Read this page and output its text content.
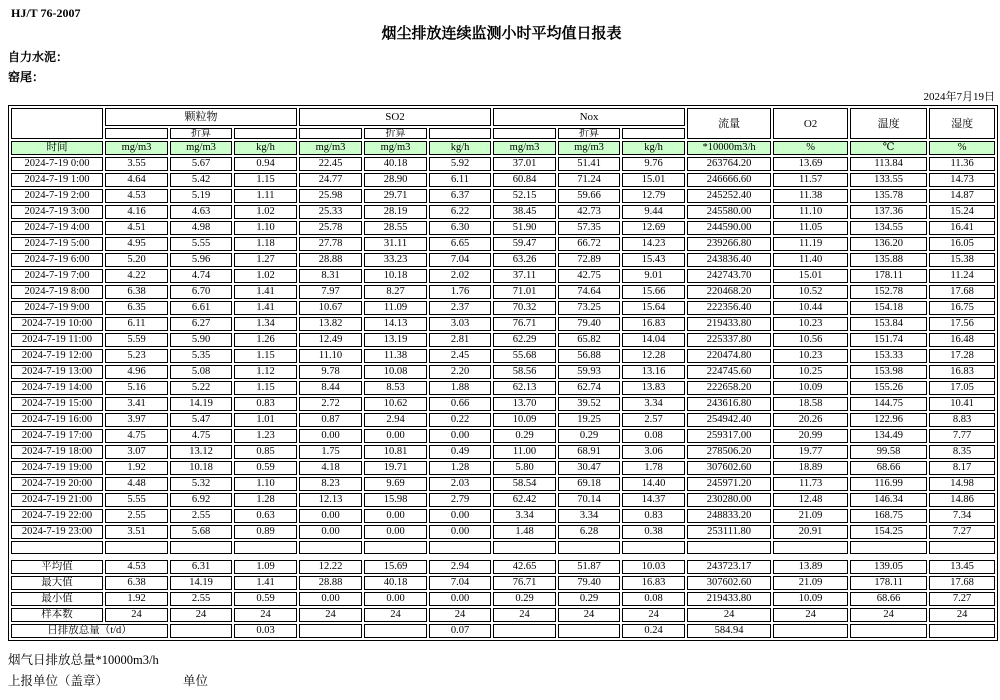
HJ/T 76-2007
烟尘排放连续监测小时平均值日报表
自力水泥：
窑尾：
2024年7月19日
	颗粒物			SO2			Nox			流量	O2	温度	湿度
		折算			折算			折算					
时间	mg/m3	mg/m3	kg/h	mg/m3	mg/m3	kg/h	mg/m3	mg/m3	kg/h	*10000m3/h	%	℃	%
2024-7-19 0:00	3.55	5.67	0.94	22.45	40.18	5.92	37.01	51.41	9.76	263764.20	13.69	113.84	11.36
2024-7-19 1:00	4.64	5.42	1.15	24.77	28.90	6.11	60.84	71.24	15.01	246666.60	11.57	133.55	14.73
2024-7-19 2:00	4.53	5.19	1.11	25.98	29.71	6.37	52.15	59.66	12.79	245252.40	11.38	135.78	14.87
2024-7-19 3:00	4.16	4.63	1.02	25.33	28.19	6.22	38.45	42.73	9.44	245580.00	11.10	137.36	15.24
2024-7-19 4:00	4.51	4.98	1.10	25.78	28.55	6.30	51.90	57.35	12.69	244590.00	11.05	134.55	16.41
2024-7-19 5:00	4.95	5.55	1.18	27.78	31.11	6.65	59.47	66.72	14.23	239266.80	11.19	136.20	16.05
2024-7-19 6:00	5.20	5.96	1.27	28.88	33.23	7.04	63.26	72.89	15.43	243836.40	11.40	135.88	15.38
2024-7-19 7:00	4.22	4.74	1.02	8.31	10.18	2.02	37.11	42.75	9.01	242743.70	15.01	178.11	11.24
2024-7-19 8:00	6.38	6.70	1.41	7.97	8.27	1.76	71.01	74.64	15.66	220468.20	10.52	152.78	17.68
2024-7-19 9:00	6.35	6.61	1.41	10.67	11.09	2.37	70.32	73.25	15.64	222356.40	10.44	154.18	16.75
2024-7-19 10:00	6.11	6.27	1.34	13.82	14.13	3.03	76.71	79.40	16.83	219433.80	10.23	153.84	17.56
2024-7-19 11:00	5.59	5.90	1.26	12.49	13.19	2.81	62.29	65.82	14.04	225337.80	10.56	151.74	16.48
2024-7-19 12:00	5.23	5.35	1.15	11.10	11.38	2.45	55.68	56.88	12.28	220474.80	10.23	153.33	17.28
2024-7-19 13:00	4.96	5.08	1.12	9.78	10.08	2.20	58.56	59.93	13.16	224745.60	10.25	153.98	16.83
2024-7-19 14:00	5.16	5.22	1.15	8.44	8.53	1.88	62.13	62.74	13.83	222658.20	10.09	155.26	17.05
2024-7-19 15:00	3.41	14.19	0.83	2.72	10.62	0.66	13.70	39.52	3.34	243616.80	18.58	144.75	10.41
2024-7-19 16:00	3.97	5.47	1.01	0.87	2.94	0.22	10.09	19.25	2.57	254942.40	20.26	122.96	8.83
2024-7-19 17:00	4.75	4.75	1.23	0.00	0.00	0.00	0.29	0.29	0.08	259317.00	20.99	134.49	7.77
2024-7-19 18:00	3.07	13.12	0.85	1.75	10.81	0.49	11.00	68.91	3.06	278506.20	19.77	99.58	8.35
2024-7-19 19:00	1.92	10.18	0.59	4.18	19.71	1.28	5.80	30.47	1.78	307602.60	18.89	68.66	8.17
2024-7-19 20:00	4.48	5.32	1.10	8.23	9.69	2.03	58.54	69.18	14.40	245971.20	11.73	116.99	14.98
2024-7-19 21:00	5.55	6.92	1.28	12.13	15.98	2.79	62.42	70.14	14.37	230280.00	12.48	146.34	14.86
2024-7-19 22:00	2.55	2.55	0.63	0.00	0.00	0.00	3.34	3.34	0.83	248833.20	21.09	168.75	7.34
2024-7-19 23:00	3.51	5.68	0.89	0.00	0.00	0.00	1.48	6.28	0.38	253111.80	20.91	154.25	7.27

平均值	4.53	6.31	1.09	12.22	15.69	2.94	42.65	51.87	10.03	243723.17	13.89	139.05	13.45
最大值	6.38	14.19	1.41	28.88	40.18	7.04	76.71	79.40	16.83	307602.60	21.09	178.11	17.68
最小值	1.92	2.55	0.59	0.00	0.00	0.00	0.29	0.29	0.08	219433.80	10.09	68.66	7.27
样本数	24	24	24	24	24	24	24	24	24	24	24	24	24
日排放总量（t/d）			0.03			0.07			0.24	584.94			
烟气日排放总量*10000m3/h
上报单位（盖章）	单位
